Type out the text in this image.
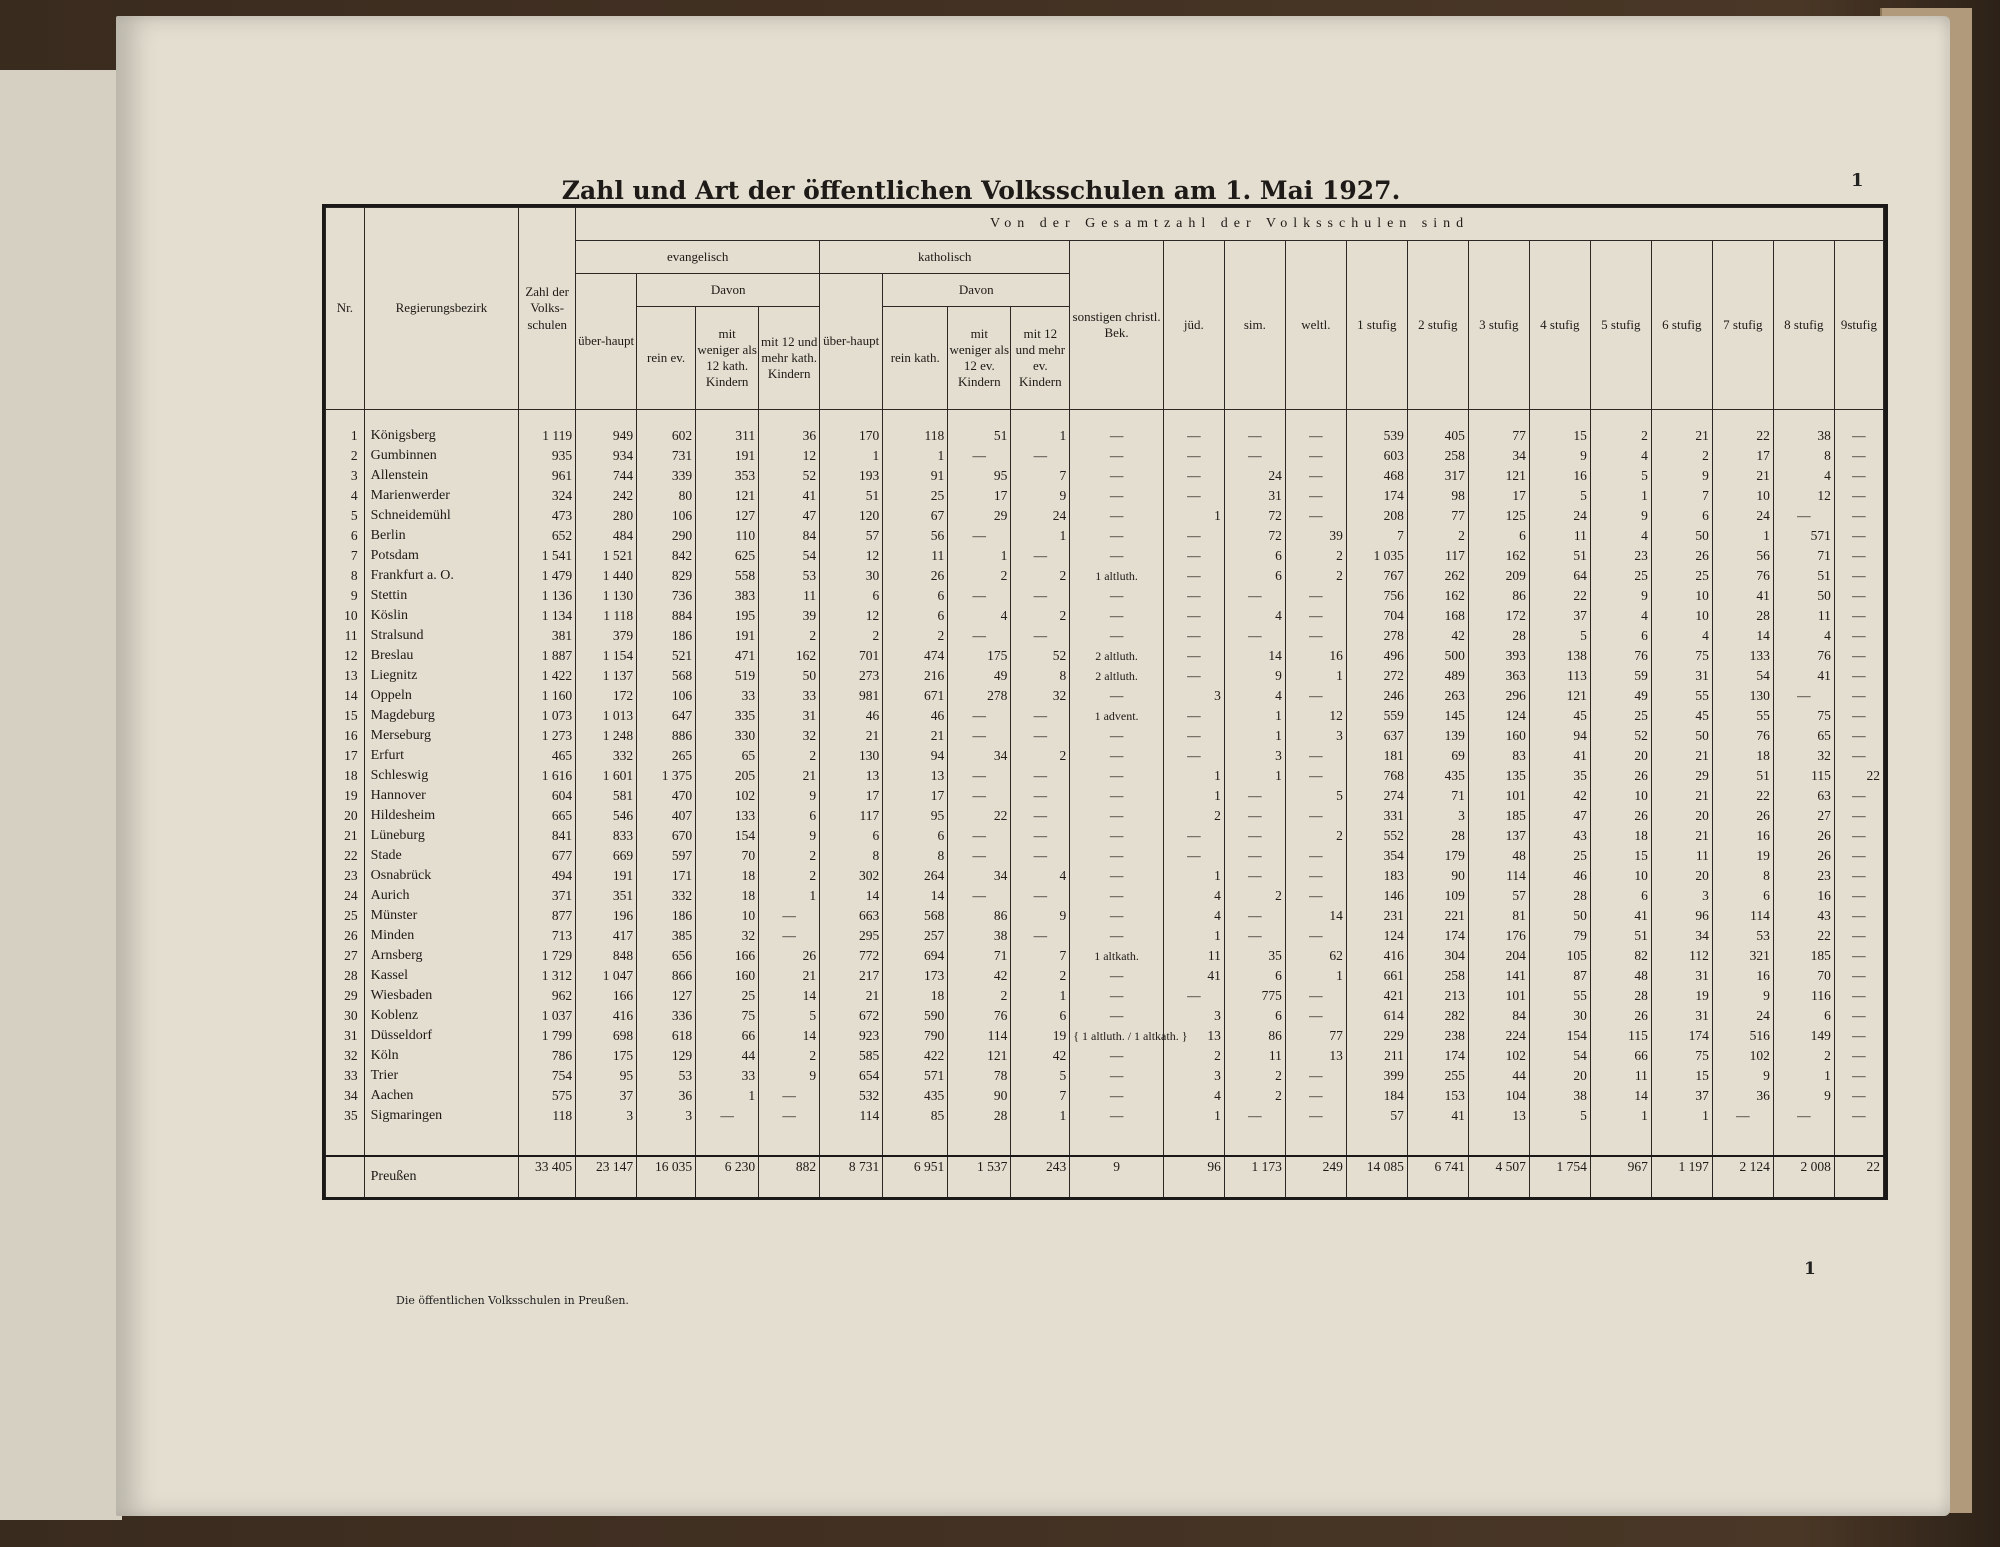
Zahl und Art der öffentlichen Volksschulen am 1. Mai 1927.	1
Nr.	Regierungsbezirk	Zahl der Volks-schulen	Von der Gesamtzahl der Volksschulen sind																				
			evangelisch				katholisch				sonstigen christl. Bek.	jüd.	sim.	weltl.	1 stufig	2 stufig	3 stufig	4 stufig	5 stufig	6 stufig	7 stufig	8 stufig	9stufig
			über-haupt	Davon			über-haupt	Davon															
				rein ev.	mit weniger als 12 kath. Kindern	mit 12 und mehr kath. Kindern		rein kath.	mit weniger als 12 ev. Kindern	mit 12 und mehr ev. Kindern													
1	Königsberg	1 119	949	602	311	36	170	118	51	1	—	—	—	—	539	405	77	15	2	21	22	38	—
2	Gumbinnen	935	934	731	191	12	1	1	—	—	—	—	—	—	603	258	34	9	4	2	17	8	—
3	Allenstein	961	744	339	353	52	193	91	95	7	—	—	24	—	468	317	121	16	5	9	21	4	—
4	Marienwerder	324	242	80	121	41	51	25	17	9	—	—	31	—	174	98	17	5	1	7	10	12	—
5	Schneidemühl	473	280	106	127	47	120	67	29	24	—	1	72	—	208	77	125	24	9	6	24	—	—
6	Berlin	652	484	290	110	84	57	56	—	1	—	—	72	39	7	2	6	11	4	50	1	571	—
7	Potsdam	1 541	1 521	842	625	54	12	11	1	—	—	—	6	2	1 035	117	162	51	23	26	56	71	—
8	Frankfurt a. O.	1 479	1 440	829	558	53	30	26	2	2	1 altluth.	—	6	2	767	262	209	64	25	25	76	51	—
9	Stettin	1 136	1 130	736	383	11	6	6	—	—	—	—	—	—	756	162	86	22	9	10	41	50	—
10	Köslin	1 134	1 118	884	195	39	12	6	4	2	—	—	4	—	704	168	172	37	4	10	28	11	—
11	Stralsund	381	379	186	191	2	2	2	—	—	—	—	—	—	278	42	28	5	6	4	14	4	—
12	Breslau	1 887	1 154	521	471	162	701	474	175	52	2 altluth.	—	14	16	496	500	393	138	76	75	133	76	—
13	Liegnitz	1 422	1 137	568	519	50	273	216	49	8	2 altluth.	—	9	1	272	489	363	113	59	31	54	41	—
14	Oppeln	1 160	172	106	33	33	981	671	278	32	—	3	4	—	246	263	296	121	49	55	130	—	—
15	Magdeburg	1 073	1 013	647	335	31	46	46	—	—	1 advent.	—	1	12	559	145	124	45	25	45	55	75	—
16	Merseburg	1 273	1 248	886	330	32	21	21	—	—	—	—	1	3	637	139	160	94	52	50	76	65	—
17	Erfurt	465	332	265	65	2	130	94	34	2	—	—	3	—	181	69	83	41	20	21	18	32	—
18	Schleswig	1 616	1 601	1 375	205	21	13	13	—	—	—	1	1	—	768	435	135	35	26	29	51	115	22
19	Hannover	604	581	470	102	9	17	17	—	—	—	1	—	5	274	71	101	42	10	21	22	63	—
20	Hildesheim	665	546	407	133	6	117	95	22	—	—	2	—	—	331	3	185	47	26	20	26	27	—
21	Lüneburg	841	833	670	154	9	6	6	—	—	—	—	—	2	552	28	137	43	18	21	16	26	—
22	Stade	677	669	597	70	2	8	8	—	—	—	—	—	—	354	179	48	25	15	11	19	26	—
23	Osnabrück	494	191	171	18	2	302	264	34	4	—	1	—	—	183	90	114	46	10	20	8	23	—
24	Aurich	371	351	332	18	1	14	14	—	—	—	4	2	—	146	109	57	28	6	3	6	16	—
25	Münster	877	196	186	10	—	663	568	86	9	—	4	—	14	231	221	81	50	41	96	114	43	—
26	Minden	713	417	385	32	—	295	257	38	—	—	1	—	—	124	174	176	79	51	34	53	22	—
27	Arnsberg	1 729	848	656	166	26	772	694	71	7	1 altkath.	11	35	62	416	304	204	105	82	112	321	185	—
28	Kassel	1 312	1 047	866	160	21	217	173	42	2	—	41	6	1	661	258	141	87	48	31	16	70	—
29	Wiesbaden	962	166	127	25	14	21	18	2	1	—	—	775	—	421	213	101	55	28	19	9	116	—
30	Koblenz	1 037	416	336	75	5	672	590	76	6	—	3	6	—	614	282	84	30	26	31	24	6	—
31	Düsseldorf	1 799	698	618	66	14	923	790	114	19	{ 1 altluth. / 1 altkath. }	13	86	77	229	238	224	154	115	174	516	149	—
32	Köln	786	175	129	44	2	585	422	121	42	—	2	11	13	211	174	102	54	66	75	102	2	—
33	Trier	754	95	53	33	9	654	571	78	5	—	3	2	—	399	255	44	20	11	15	9	1	—
34	Aachen	575	37	36	1	—	532	435	90	7	—	4	2	—	184	153	104	38	14	37	36	9	—
35	Sigmaringen	118	3	3	—	—	114	85	28	1	—	1	—	—	57	41	13	5	1	1	—	—	—

	Preußen	33 405	23 147	16 035	6 230	882	8 731	6 951	1 537	243	9	96	1 173	249	14 085	6 741	4 507	1 754	967	1 197	2 124	2 008	22
1
Die öffentlichen Volksschulen in Preußen.
